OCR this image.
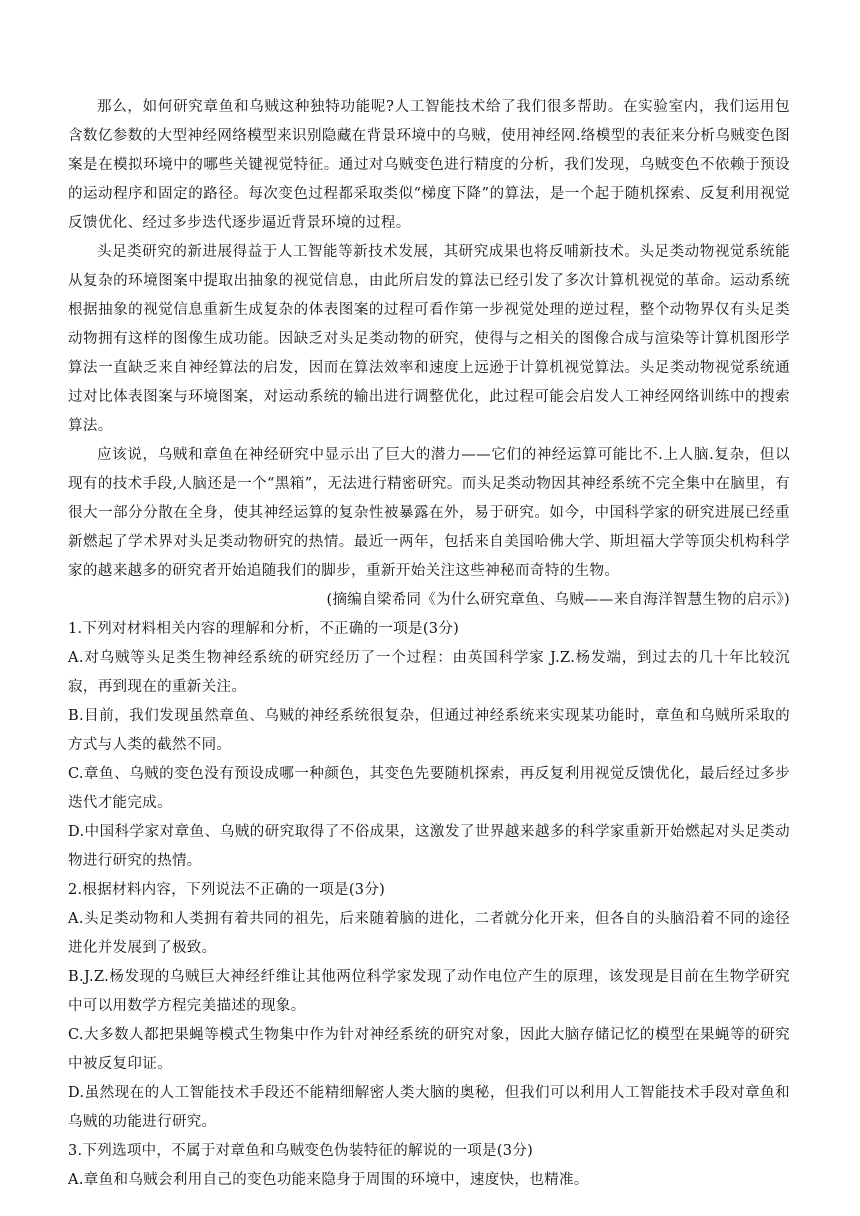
那么，如何研究章鱼和乌贼这种独特功能呢?人工智能技术给了我们很多帮助。在实验室内，我们运用包含数亿参数的大型神经网络模型来识别隐藏在背景环境中的乌贼，使用神经网.络模型的表征来分析乌贼变色图案是在模拟环境中的哪些关键视觉特征。通过对乌贼变色进行精度的分析，我们发现，乌贼变色不依赖于预设的运动程序和固定的路径。每次变色过程都采取类似“梯度下降”的算法，是一个起于随机探索、反复利用视觉反馈优化、经过多步迭代逐步逼近背景环境的过程。

头足类研究的新进展得益于人工智能等新技术发展，其研究成果也将反哺新技术。头足类动物视觉系统能从复杂的环境图案中提取出抽象的视觉信息，由此所启发的算法已经引发了多次计算机视觉的革命。运动系统根据抽象的视觉信息重新生成复杂的体表图案的过程可看作第一步视觉处理的逆过程，整个动物界仅有头足类动物拥有这样的图像生成功能。因缺乏对头足类动物的研究，使得与之相关的图像合成与渲染等计算机图形学算法一直缺乏来自神经算法的启发，因而在算法效率和速度上远逊于计算机视觉算法。头足类动物视觉系统通过对比体表图案与环境图案，对运动系统的输出进行调整优化，此过程可能会启发人工神经网络训练中的搜索算法。

应该说，乌贼和章鱼在神经研究中显示出了巨大的潜力——它们的神经运算可能比不.上人脑.复杂，但以现有的技术手段,人脑还是一个“黑箱”，无法进行精密研究。而头足类动物因其神经系统不完全集中在脑里，有很大一部分分散在全身，使其神经运算的复杂性被暴露在外，易于研究。如今，中国科学家的研究进展已经重新燃起了学术界对头足类动物研究的热情。最近一两年，包括来自美国哈佛大学、斯坦福大学等顶尖机构科学家的越来越多的研究者开始追随我们的脚步，重新开始关注这些神秘而奇特的生物。

(摘编自梁希同《为什么研究章鱼、乌贼——来自海洋智慧生物的启示》)

1.下列对材料相关内容的理解和分析，不正确的一项是(3分)

A.对乌贼等头足类生物神经系统的研究经历了一个过程：由英国科学家 J.Z.杨发端，到过去的几十年比较沉寂，再到现在的重新关注。

B.目前，我们发现虽然章鱼、乌贼的神经系统很复杂，但通过神经系统来实现某功能时，章鱼和乌贼所采取的方式与人类的截然不同。

C.章鱼、乌贼的变色没有预设成哪一种颜色，其变色先要随机探索，再反复利用视觉反馈优化，最后经过多步迭代才能完成。

D.中国科学家对章鱼、乌贼的研究取得了不俗成果，这激发了世界越来越多的科学家重新开始燃起对头足类动物进行研究的热情。

2.根据材料内容，下列说法不正确的一项是(3分)

A.头足类动物和人类拥有着共同的祖先，后来随着脑的进化，二者就分化开来，但各自的头脑沿着不同的途径进化并发展到了极致。

B.J.Z.杨发现的乌贼巨大神经纤维让其他两位科学家发现了动作电位产生的原理，该发现是目前在生物学研究中可以用数学方程完美描述的现象。

C.大多数人都把果蝇等模式生物集中作为针对神经系统的研究对象，因此大脑存储记忆的模型在果蝇等的研究中被反复印证。

D.虽然现在的人工智能技术手段还不能精细解密人类大脑的奥秘，但我们可以利用人工智能技术手段对章鱼和乌贼的功能进行研究。

3.下列选项中，不属于对章鱼和乌贼变色伪装特征的解说的一项是(3分)

A.章鱼和乌贼会利用自己的变色功能来隐身于周围的环境中，速度快，也精准。
